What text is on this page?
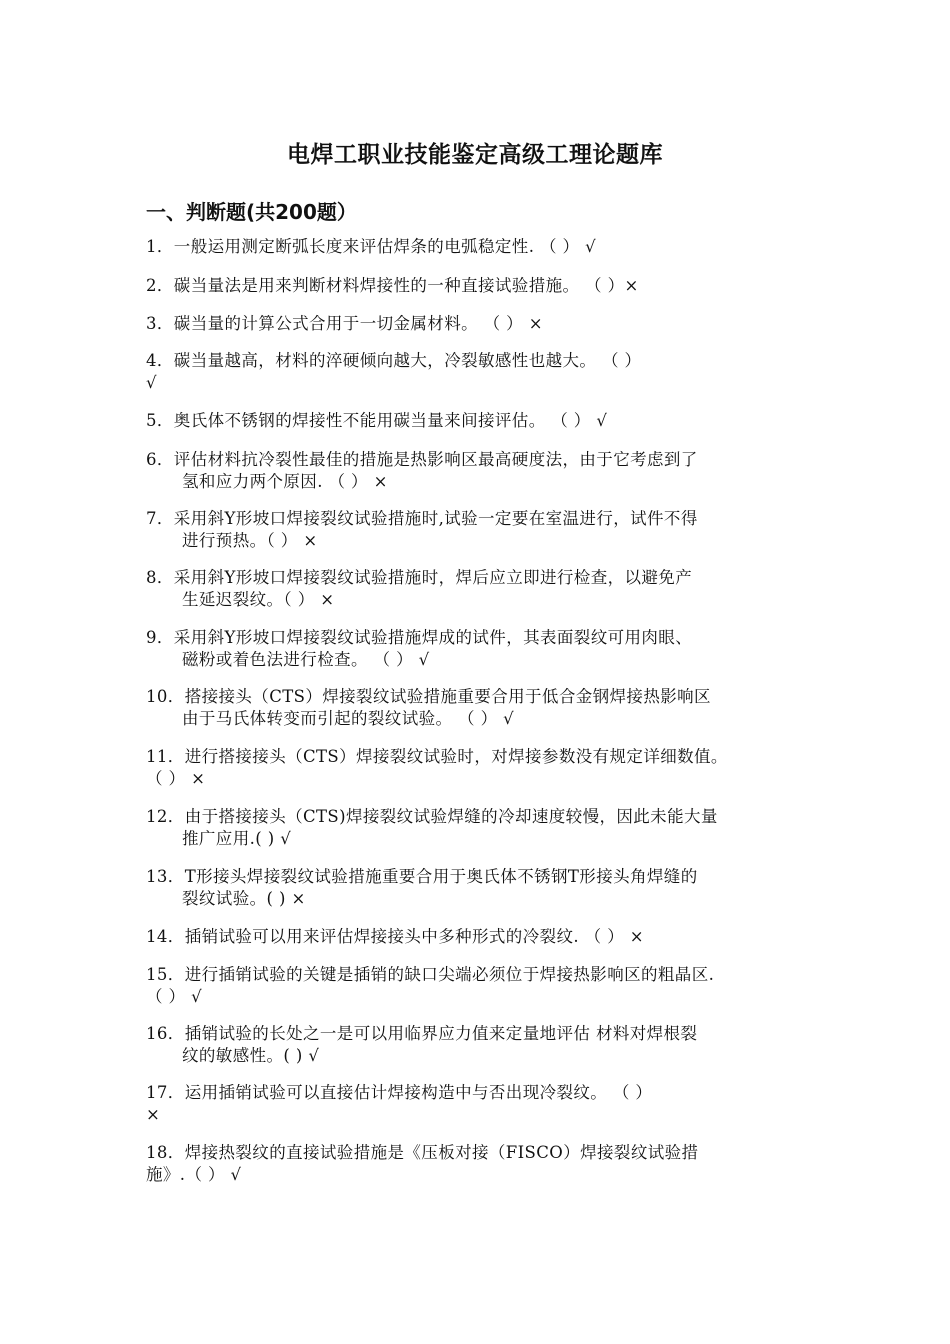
电焊工职业技能鉴定高级工理论题库
一、判断题(共200题）
1．一般运用测定断弧长度来评估焊条的电弧稳定性. （ ） √
2．碳当量法是用来判断材料焊接性的一种直接试验措施。 （ ）×
3．碳当量的计算公式合用于一切金属材料。 （ ） ×
4．碳当量越高，材料的淬硬倾向越大，冷裂敏感性也越大。 （ ）
√
5．奥氏体不锈钢的焊接性不能用碳当量来间接评估。 （ ） √
6．评估材料抗冷裂性最佳的措施是热影响区最高硬度法，由于它考虑到了
氢和应力两个原因. （ ） ×
7．采用斜Y形坡口焊接裂纹试验措施时,试验一定要在室温进行，试件不得
进行预热。（ ） ×
8．采用斜Y形坡口焊接裂纹试验措施时，焊后应立即进行检查，以避免产
生延迟裂纹。（ ） ×
9．采用斜Y形坡口焊接裂纹试验措施焊成的试件，其表面裂纹可用肉眼、
磁粉或着色法进行检查。 （ ） √
10．搭接接头（CTS）焊接裂纹试验措施重要合用于低合金钢焊接热影响区
由于马氏体转变而引起的裂纹试验。 （ ） √
11．进行搭接接头（CTS）焊接裂纹试验时，对焊接参数没有规定详细数值。
（ ） ×
12．由于搭接接头（CTS)焊接裂纹试验焊缝的冷却速度较慢，因此未能大量
推广应用.( ) √
13．T形接头焊接裂纹试验措施重要合用于奥氏体不锈钢T形接头角焊缝的
裂纹试验。( ) ×
14．插销试验可以用来评估焊接接头中多种形式的冷裂纹. （ ） ×
15．进行插销试验的关键是插销的缺口尖端必须位于焊接热影响区的粗晶区.
（ ） √
16．插销试验的长处之一是可以用临界应力值来定量地评估 材料对焊根裂
纹的敏感性。( ) √
17．运用插销试验可以直接估计焊接构造中与否出现冷裂纹。 （ ）
×
18．焊接热裂纹的直接试验措施是《压板对接（FISCO）焊接裂纹试验措
施》.（ ） √
